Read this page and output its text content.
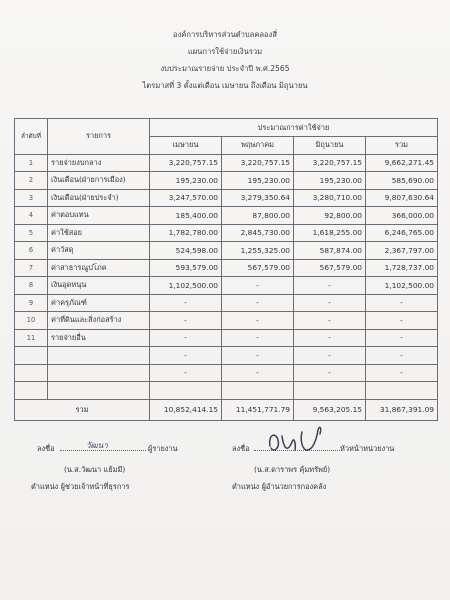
องค์การบริหารส่วนตำบลคลองสี่
แผนการใช้จ่ายเงินรวม
งบประมาณรายจ่าย ประจำปี พ.ศ.2565
ไตรมาสที่ 3 ตั้งแต่เดือน เมษายน ถึงเดือน มิถุนายน
ลำดับที่	รายการ	ประมาณการค่าใช้จ่าย			
		เมษายน	พฤษภาคม	มิถุนายน	รวม
1	รายจ่ายงบกลาง	3,220,757.15	3,220,757.15	3,220,757.15	9,662,271.45
2	เงินเดือน(ฝ่ายการเมือง)	195,230.00	195,230.00	195,230.00	585,690.00
3	เงินเดือน(ฝ่ายประจำ)	3,247,570.00	3,279,350.64	3,280,710.00	9,807,630.64
4	ค่าตอบแทน	185,400.00	87,800.00	92,800.00	366,000.00
5	ค่าใช้สอย	1,782,780.00	2,845,730.00	1,618,255.00	6,246,765.00
6	ค่าวัสดุ	524,598.00	1,255,325.00	587,874.00	2,367,797.00
7	ค่าสาธารณูปโภค	593,579.00	567,579.00	567,579.00	1,728,737.00
8	เงินอุดหนุน	1,102,500.00	-	-	1,102,500.00
9	ค่าครุภัณฑ์	-	-	-	-
10	ค่าที่ดินและสิ่งก่อสร้าง	-	-	-	-
11	รายจ่ายอื่น	-	-	-	-
		-	-	-	-
		-	-	-	-

รวม		10,852,414.15	11,451,771.79	9,563,205.15	31,867,391.09
ลงชื่อ	วัฒนา	ผู้รายงาน
(น.ส.วัฒนา แย้มมี)
ตำแหน่ง ผู้ช่วยเจ้าหน้าที่ธุรการ
ลงชื่อ	หัวหน้าหน่วยงาน
(น.ส.ดาราพร คุ้มทรัพย์)
ตำแหน่ง ผู้อำนวยการกองคลัง
